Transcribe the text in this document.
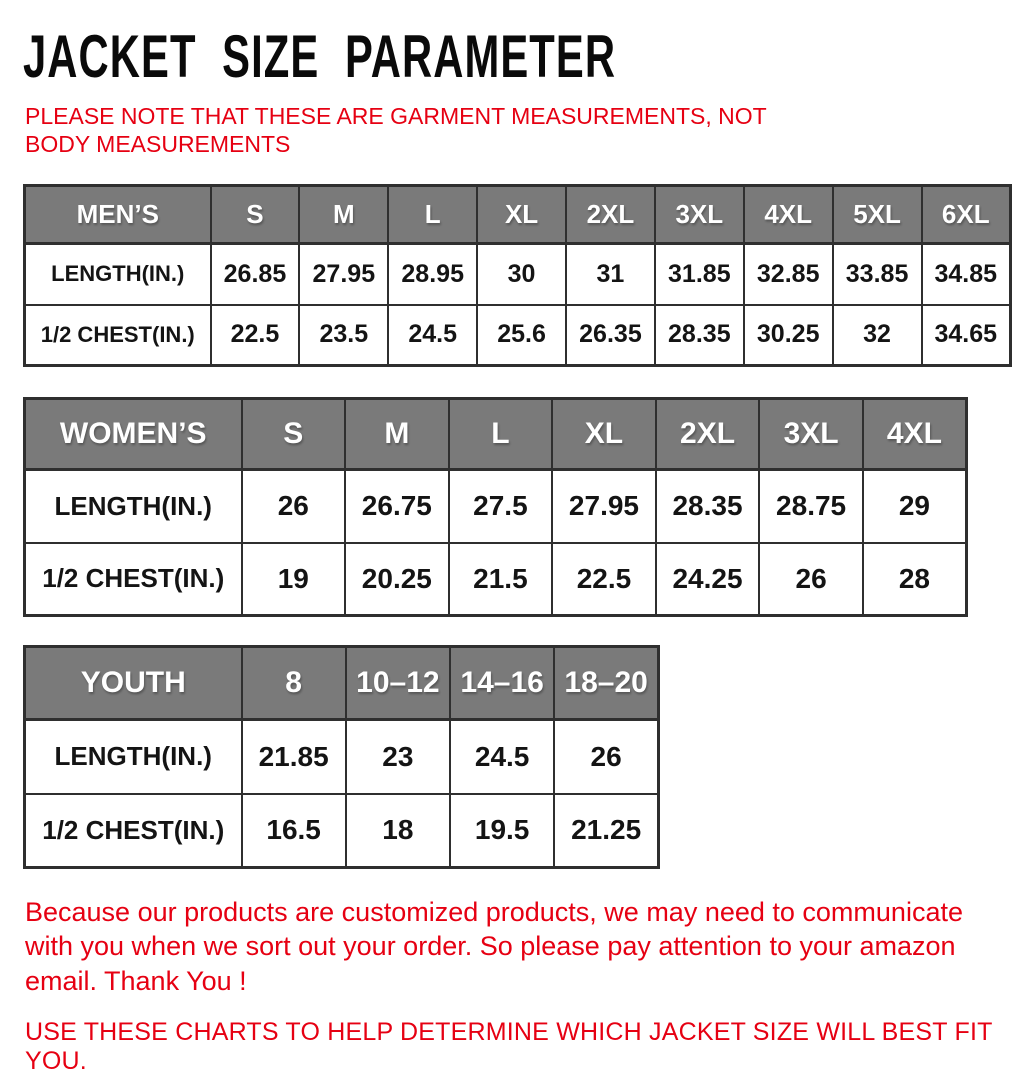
JACKET SIZE PARAMETER

PLEASE NOTE THAT THESE ARE GARMENT MEASUREMENTS, NOT BODY MEASUREMENTS

MEN’S	S	M	L	XL	2XL	3XL	4XL	5XL	6XL
LENGTH(IN.)	26.85	27.95	28.95	30	31	31.85	32.85	33.85	34.85
1/2 CHEST(IN.)	22.5	23.5	24.5	25.6	26.35	28.35	30.25	32	34.65
WOMEN’S	S	M	L	XL	2XL	3XL	4XL
LENGTH(IN.)	26	26.75	27.5	27.95	28.35	28.75	29
1/2 CHEST(IN.)	19	20.25	21.5	22.5	24.25	26	28
YOUTH	8	10–12	14–16	18–20
LENGTH(IN.)	21.85	23	24.5	26
1/2 CHEST(IN.)	16.5	18	19.5	21.25

Because our products are customized products, we may need to communicate with you when we sort out your order. So please pay attention to your amazon email. Thank You !

USE THESE CHARTS TO HELP DETERMINE WHICH JACKET SIZE WILL BEST FIT YOU.
